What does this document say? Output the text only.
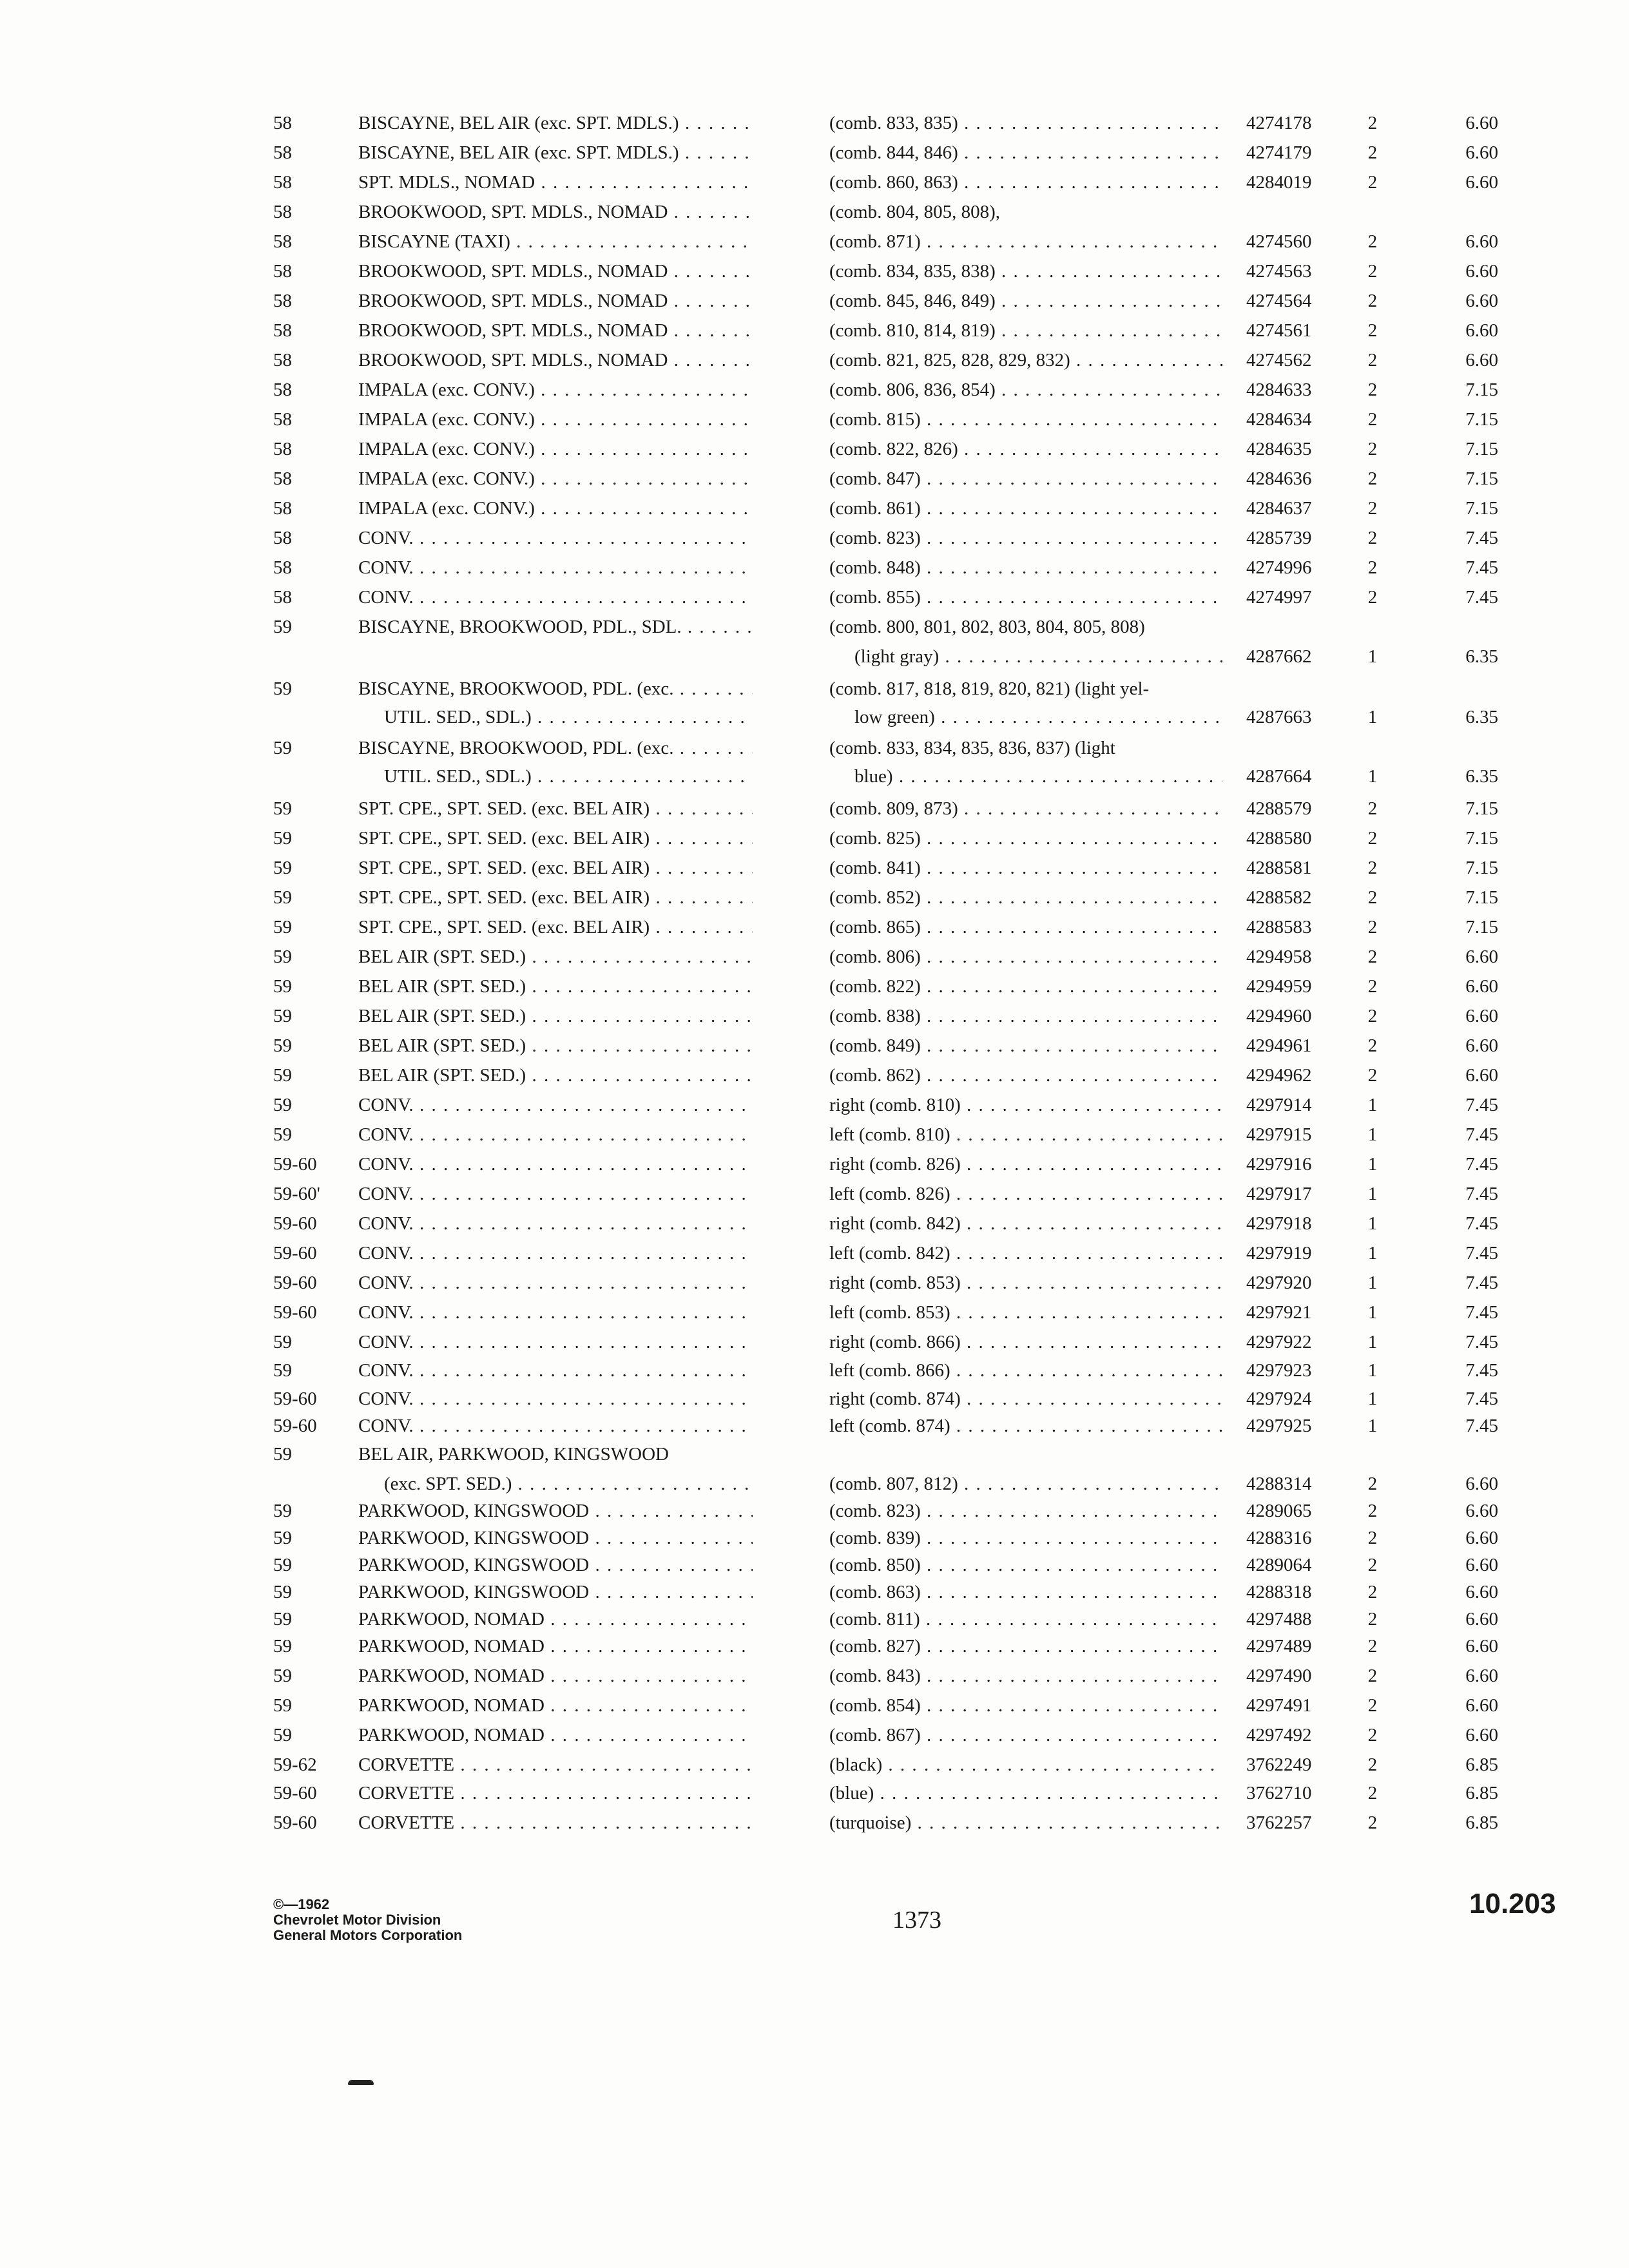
58	BISCAYNE, BEL AIR (exc. SPT. MDLS.) . . .	(comb. 833, 835) . . .	4274178	2	6.60
58	BISCAYNE, BEL AIR (exc. SPT. MDLS.) . . .	(comb. 844, 846) . . .	4274179	2	6.60
58	SPT. MDLS., NOMAD . . .	(comb. 860, 863) . . .	4284019	2	6.60
58	BROOKWOOD, SPT. MDLS., NOMAD . . .	(comb. 804, 805, 808),
58	BISCAYNE (TAXI) . . .	(comb. 871) . . .	4274560	2	6.60
58	BROOKWOOD, SPT. MDLS., NOMAD . . .	(comb. 834, 835, 838) . . .	4274563	2	6.60
58	BROOKWOOD, SPT. MDLS., NOMAD . . .	(comb. 845, 846, 849) . . .	4274564	2	6.60
58	BROOKWOOD, SPT. MDLS., NOMAD . . .	(comb. 810, 814, 819) . . .	4274561	2	6.60
58	BROOKWOOD, SPT. MDLS., NOMAD . . .	(comb. 821, 825, 828, 829, 832) . . .	4274562	2	6.60
58	IMPALA (exc. CONV.) . . .	(comb. 806, 836, 854) . . .	4284633	2	7.15
58	IMPALA (exc. CONV.) . . .	(comb. 815) . . .	4284634	2	7.15
58	IMPALA (exc. CONV.) . . .	(comb. 822, 826) . . .	4284635	2	7.15
58	IMPALA (exc. CONV.) . . .	(comb. 847) . . .	4284636	2	7.15
58	IMPALA (exc. CONV.) . . .	(comb. 861) . . .	4284637	2	7.15
58	CONV. . . .	(comb. 823) . . .	4285739	2	7.45
58	CONV. . . .	(comb. 848) . . .	4274996	2	7.45
58	CONV. . . .	(comb. 855) . . .	4274997	2	7.45
59	BISCAYNE, BROOKWOOD, PDL., SDL. . . .	(comb. 800, 801, 802, 803, 804, 805, 808)
(light gray) . . .	4287662	1	6.35
59	BISCAYNE, BROOKWOOD, PDL. (exc. . . .	(comb. 817, 818, 819, 820, 821) (light yel-
UTIL. SED., SDL.) . . .	low green) . . .	4287663	1	6.35
59	BISCAYNE, BROOKWOOD, PDL. (exc. . . .	(comb. 833, 834, 835, 836, 837) (light
UTIL. SED., SDL.) . . .	blue) . . .	4287664	1	6.35
59	SPT. CPE., SPT. SED. (exc. BEL AIR) . . .	(comb. 809, 873) . . .	4288579	2	7.15
59	SPT. CPE., SPT. SED. (exc. BEL AIR) . . .	(comb. 825) . . .	4288580	2	7.15
59	SPT. CPE., SPT. SED. (exc. BEL AIR) . . .	(comb. 841) . . .	4288581	2	7.15
59	SPT. CPE., SPT. SED. (exc. BEL AIR) . . .	(comb. 852) . . .	4288582	2	7.15
59	SPT. CPE., SPT. SED. (exc. BEL AIR) . . .	(comb. 865) . . .	4288583	2	7.15
59	BEL AIR (SPT. SED.) . . .	(comb. 806) . . .	4294958	2	6.60
59	BEL AIR (SPT. SED.) . . .	(comb. 822) . . .	4294959	2	6.60
59	BEL AIR (SPT. SED.) . . .	(comb. 838) . . .	4294960	2	6.60
59	BEL AIR (SPT. SED.) . . .	(comb. 849) . . .	4294961	2	6.60
59	BEL AIR (SPT. SED.) . . .	(comb. 862) . . .	4294962	2	6.60
59	CONV. . . .	right (comb. 810) . . .	4297914	1	7.45
59	CONV. . . .	left (comb. 810) . . .	4297915	1	7.45
59-60	CONV. . . .	right (comb. 826) . . .	4297916	1	7.45
59-60'	CONV. . . .	left (comb. 826) . . .	4297917	1	7.45
59-60	CONV. . . .	right (comb. 842) . . .	4297918	1	7.45
59-60	CONV. . . .	left (comb. 842) . . .	4297919	1	7.45
59-60	CONV. . . .	right (comb. 853) . . .	4297920	1	7.45
59-60	CONV. . . .	left (comb. 853) . . .	4297921	1	7.45
59	CONV. . . .	right (comb. 866) . . .	4297922	1	7.45
59	CONV. . . .	left (comb. 866) . . .	4297923	1	7.45
59-60	CONV. . . .	right (comb. 874) . . .	4297924	1	7.45
59-60	CONV. . . .	left (comb. 874) . . .	4297925	1	7.45
59	BEL AIR, PARKWOOD, KINGSWOOD
(exc. SPT. SED.) . . .	(comb. 807, 812) . . .	4288314	2	6.60
59	PARKWOOD, KINGSWOOD . . .	(comb. 823) . . .	4289065	2	6.60
59	PARKWOOD, KINGSWOOD . . .	(comb. 839) . . .	4288316	2	6.60
59	PARKWOOD, KINGSWOOD . . .	(comb. 850) . . .	4289064	2	6.60
59	PARKWOOD, KINGSWOOD . . .	(comb. 863) . . .	4288318	2	6.60
59	PARKWOOD, NOMAD . . .	(comb. 811) . . .	4297488	2	6.60
59	PARKWOOD, NOMAD . . .	(comb. 827) . . .	4297489	2	6.60
59	PARKWOOD, NOMAD . . .	(comb. 843) . . .	4297490	2	6.60
59	PARKWOOD, NOMAD . . .	(comb. 854) . . .	4297491	2	6.60
59	PARKWOOD, NOMAD . . .	(comb. 867) . . .	4297492	2	6.60
59-62	CORVETTE . . .	(black) . . .	3762249	2	6.85
59-60	CORVETTE . . .	(blue) . . .	3762710	2	6.85
59-60	CORVETTE . . .	(turquoise) . . .	3762257	2	6.85
©—1962
Chevrolet Motor Division
General Motors Corporation
1373
10.203
